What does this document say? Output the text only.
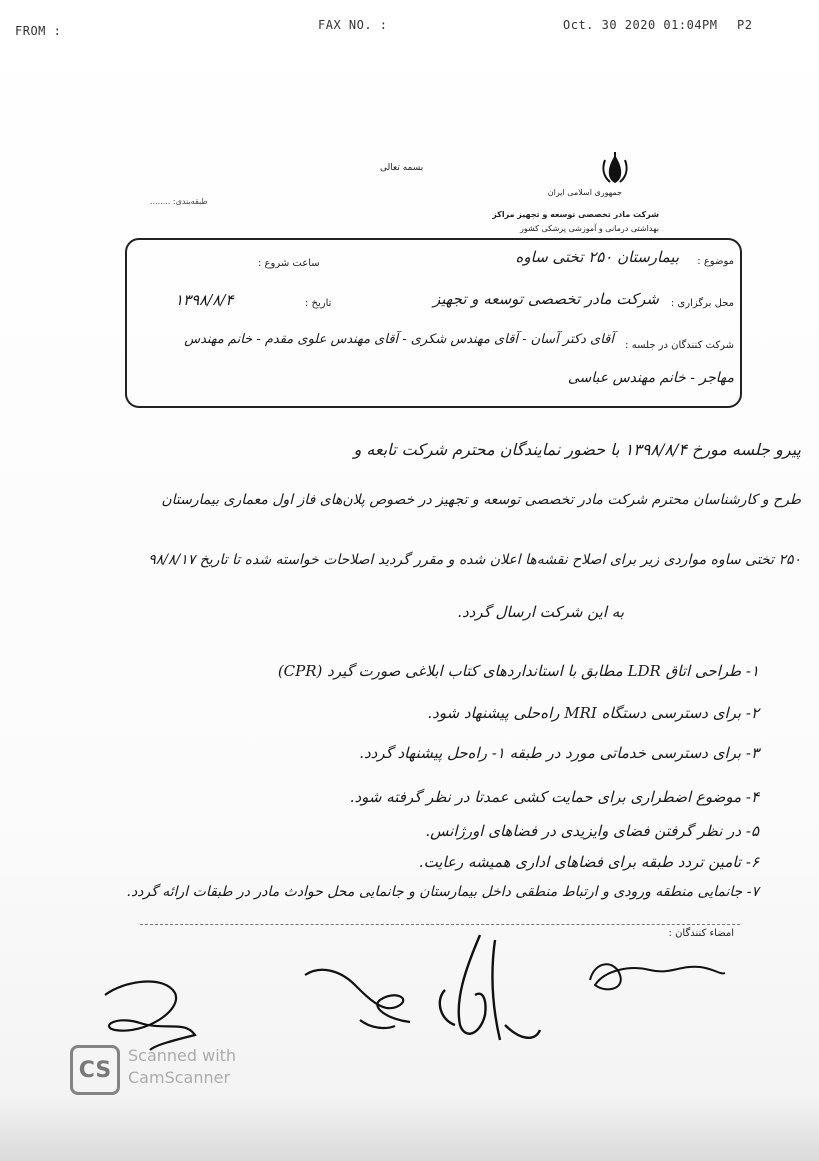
FROM :	FAX NO. :	Oct. 30 2020 01:04PM P2
بسمه تعالی
جمهوری اسلامی ایران
شرکت مادر تخصصی توسعه و تجهیز مراکز
بهداشتی درمانی و آموزشی پزشکی کشور
طبقه‌بندی: ........
موضوع :
بیمارستان ۲۵۰ تختی ساوه
ساعت شروع :
محل برگزاری :
شرکت مادر تخصصی توسعه و تجهیز
تاریخ :
۱۳۹۸/۸/۴
شرکت کنندگان در جلسه :
آقای دکتر آسان - آقای مهندس شکری - آقای مهندس علوی مقدم - خانم مهندس
مهاجر - خانم مهندس عباسی
پیرو جلسه مورخ ۱۳۹۸/۸/۴ با حضور نمایندگان محترم شرکت تابعه و
طرح و کارشناسان محترم شرکت مادر تخصصی توسعه و تجهیز در خصوص پلان‌های فاز اول معماری بیمارستان
۲۵۰ تختی ساوه مواردی زیر برای اصلاح نقشه‌ها اعلان شده و مقرر گردید اصلاحات خواسته شده تا تاریخ ۹۸/۸/۱۷
به این شرکت ارسال گردد.
۱- طراحی اتاق LDR مطابق با استانداردهای کتاب ابلاغی صورت گیرد (CPR)
۲- برای دسترسی دستگاه MRI راه‌حلی پیشنهاد شود.
۳- برای دسترسی خدماتی مورد در طبقه ۱- راه‌حل پیشنهاد گردد.
۴- موضوع اضطراری برای حمایت کشی عمدتا در نظر گرفته شود.
۵- در نظر گرفتن فضای وایزیدی در فضاهای اورژانس.
۶- تامین تردد طبقه برای فضاهای اداری همیشه رعایت.
۷- جانمایی منطقه ورودی و ارتباط منطقی داخل بیمارستان و جانمایی محل حوادث مادر در طبقات ارائه گردد.
امضاء کنندگان :
CS
Scanned with
CamScanner
